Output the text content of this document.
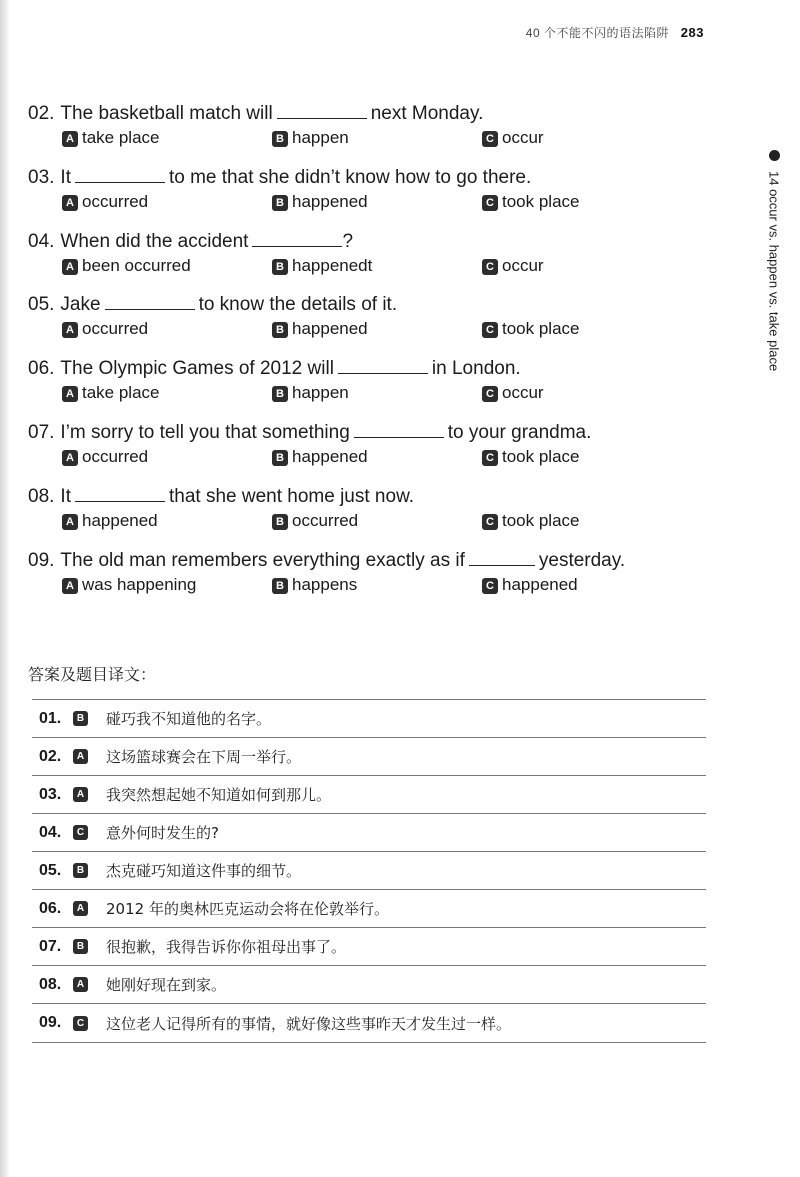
40 个不能不闪的语法陷阱 283
14 occur vs. happen vs. take place
02. The basketball match will	next Monday.
A take place	B happen	C occur
03. It	to me that she didn’t know how to go there.
A occurred	B happened	C took place
04. When did the accident	?
A been occurred	B happenedt	C occur
05. Jake	to know the details of it.
A occurred	B happened	C took place
06. The Olympic Games of 2012 will	in London.
A take place	B happen	C occur
07. I’m sorry to tell you that something	to your grandma.
A occurred	B happened	C took place
08. It	that she went home just now.
A happened	B occurred	C took place
09. The old man remembers everything exactly as if	yesterday.
A was happening	B happens	C happened
答案及题目译文：
01.	B 碰巧我不知道他的名字。
02.	A 这场篮球赛会在下周一举行。
03.	A 我突然想起她不知道如何到那儿。
04.	C 意外何时发生的?
05.	B 杰克碰巧知道这件事的细节。
06.	A 2012 年的奥林匹克运动会将在伦敦举行。
07.	B 很抱歉，我得告诉你你祖母出事了。
08.	A 她刚好现在到家。
09.	C 这位老人记得所有的事情，就好像这些事昨天才发生过一样。
